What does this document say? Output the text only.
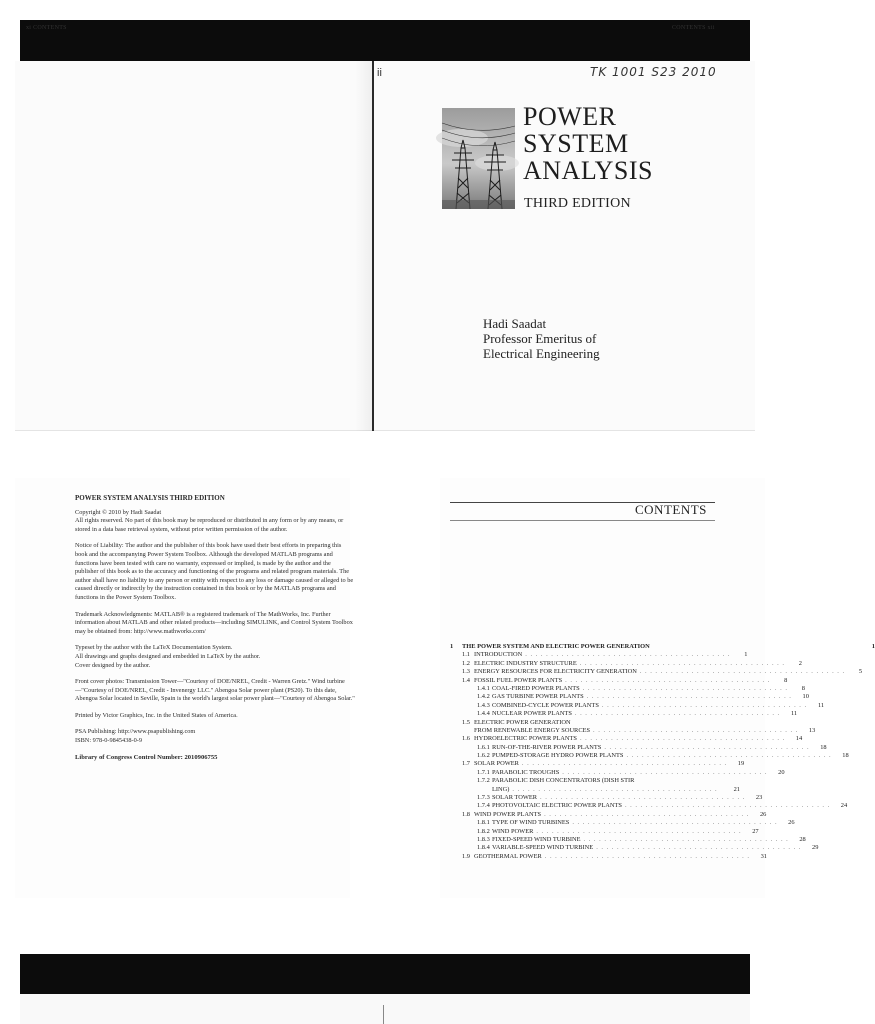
ii	TK 1001 S23 2010
POWER
SYSTEM
ANALYSIS
THIRD EDITION
Hadi Saadat
Professor Emeritus of
Electrical Engineering

POWER SYSTEM ANALYSIS THIRD EDITION

Copyright © 2010 by Hadi Saadat
All rights reserved. No part of this book may be reproduced or distributed in any form or by any means, or stored in a data base retrieval system, without prior written permission of the author.

Notice of Liability: The author and the publisher of this book have used their best efforts in preparing this book and the accompanying Power System Toolbox. Although the developed MATLAB programs and functions have been tested with care no warranty, expressed or implied, is made by the author and the publisher of this book as to the accuracy and functioning of the programs and related program materials. The author shall have no liability to any person or entity with respect to any loss or damage caused or alleged to be caused directly or indirectly by the instruction contained in this book or by the MATLAB programs and functions in the Power System Toolbox.

Trademark Acknowledgments: MATLAB® is a registered trademark of The MathWorks, Inc. Further information about MATLAB and other related products—including SIMULINK, and Control System Toolbox may be obtained from: http://www.mathworks.com/

Typeset by the author with the LaTeX Documentation System.
All drawings and graphs designed and embedded in LaTeX by the author.
Cover designed by the author.

Front cover photos: Transmission Tower—"Courtesy of DOE/NREL, Credit - Warren Gretz." Wind turbine—"Courtesy of DOE/NREL, Credit - Invenergy LLC." Abengoa Solar power plant (PS20). To this date, Abengoa Solar located in Seville, Spain is the world's largest solar power plant—"Courtesy of Abengoa Solar."

Printed by Victor Graphics, Inc. in the United States of America.

PSA Publishing: http://www.psapublishing.com
ISBN: 978-0-9845438-0-9

Library of Congress Control Number: 2010906755

CONTENTS
1	THE POWER SYSTEM AND ELECTRIC POWER GENERATION	1
1.1 INTRODUCTION . . . . . . . . . . . . . . . . . . . . . . . . . . . . . . . . . . . . . . . .	1
1.2 ELECTRIC INDUSTRY STRUCTURE . . . . . . . . . . . . . . . . . . . . . . . . . . . . . . . . . . . . . . . .	2
1.3 ENERGY RESOURCES FOR ELECTRICITY GENERATION . . . . . . . . . . . . . . . . . . . . . . . . . . . . . . . . . . . . . . . .	5
1.4 FOSSIL FUEL POWER PLANTS . . . . . . . . . . . . . . . . . . . . . . . . . . . . . . . . . . . . . . . .	8
1.4.1 COAL-FIRED POWER PLANTS . . . . . . . . . . . . . . . . . . . . . . . . . . . . . . . . . . . . . . . .	8
1.4.2 GAS TURBINE POWER PLANTS . . . . . . . . . . . . . . . . . . . . . . . . . . . . . . . . . . . . . . . .	10
1.4.3 COMBINED-CYCLE POWER PLANTS . . . . . . . . . . . . . . . . . . . . . . . . . . . . . . . . . . . . . . . .	11
1.4.4 NUCLEAR POWER PLANTS . . . . . . . . . . . . . . . . . . . . . . . . . . . . . . . . . . . . . . . .	11
1.5 ELECTRIC POWER GENERATION
FROM RENEWABLE ENERGY SOURCES . . . . . . . . . . . . . . . . . . . . . . . . . . . . . . . . . . . . . . . .	13
1.6 HYDROELECTRIC POWER PLANTS . . . . . . . . . . . . . . . . . . . . . . . . . . . . . . . . . . . . . . . .	14
1.6.1 RUN-OF-THE-RIVER POWER PLANTS . . . . . . . . . . . . . . . . . . . . . . . . . . . . . . . . . . . . . . . .	18
1.6.2 PUMPED-STORAGE HYDRO POWER PLANTS . . . . . . . . . . . . . . . . . . . . . . . . . . . . . . . . . . . . . . . .	18
1.7 SOLAR POWER . . . . . . . . . . . . . . . . . . . . . . . . . . . . . . . . . . . . . . . .	19
1.7.1 PARABOLIC TROUGHS . . . . . . . . . . . . . . . . . . . . . . . . . . . . . . . . . . . . . . . .	20
1.7.2 PARABOLIC DISH CONCENTRATORS (DISH STIR
LING) . . . . . . . . . . . . . . . . . . . . . . . . . . . . . . . . . . . . . . . .	21
1.7.3 SOLAR TOWER . . . . . . . . . . . . . . . . . . . . . . . . . . . . . . . . . . . . . . . .	23
1.7.4 PHOTOVOLTAIC ELECTRIC POWER PLANTS . . . . . . . . . . . . . . . . . . . . . . . . . . . . . . . . . . . . . . . .	24
1.8 WIND POWER PLANTS . . . . . . . . . . . . . . . . . . . . . . . . . . . . . . . . . . . . . . . .	26
1.8.1 TYPE OF WIND TURBINES . . . . . . . . . . . . . . . . . . . . . . . . . . . . . . . . . . . . . . . .	26
1.8.2 WIND POWER . . . . . . . . . . . . . . . . . . . . . . . . . . . . . . . . . . . . . . . .	27
1.8.3 FIXED-SPEED WIND TURBINE . . . . . . . . . . . . . . . . . . . . . . . . . . . . . . . . . . . . . . . .	28
1.8.4 VARIABLE-SPEED WIND TURBINE . . . . . . . . . . . . . . . . . . . . . . . . . . . . . . . . . . . . . . . .	29
1.9 GEOTHERMAL POWER . . . . . . . . . . . . . . . . . . . . . . . . . . . . . . . . . . . . . . . .	31
xi CONTENTS	CONTENTS xii
